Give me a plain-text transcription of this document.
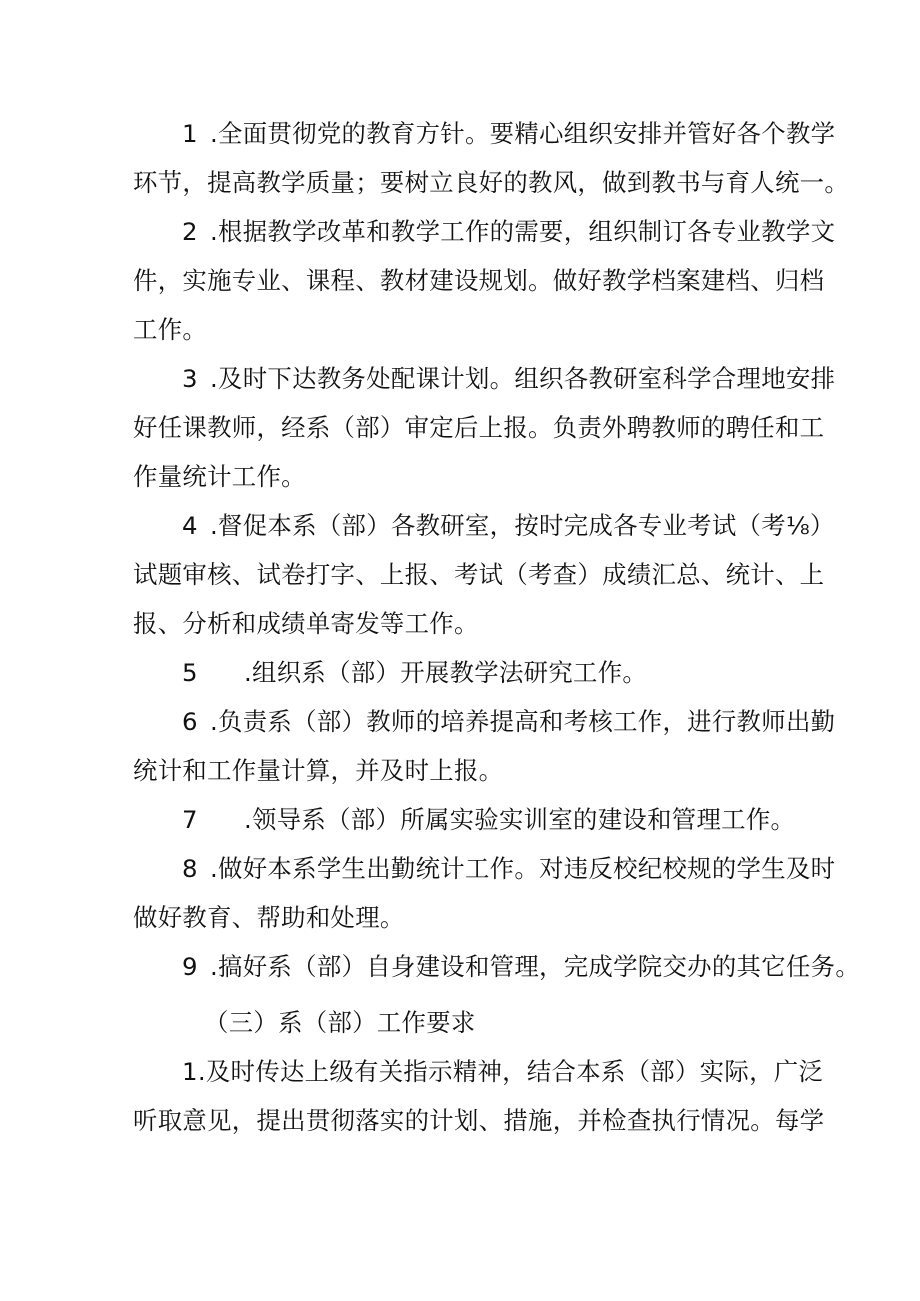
1 .全面贯彻党的教育方针。要精心组织安排并管好各个教学
环节，提高教学质量；要树立良好的教风，做到教书与育人统一。
2 .根据教学改革和教学工作的需要，组织制订各专业教学文
件，实施专业、课程、教材建设规划。做好教学档案建档、归档
工作。
3 .及时下达教务处配课计划。组织各教研室科学合理地安排
好任课教师，经系（部）审定后上报。负责外聘教师的聘任和工
作量统计工作。
4 .督促本系（部）各教研室，按时完成各专业考试（考⅛）
试题审核、试卷打字、上报、考试（考查）成绩汇总、统计、上
报、分析和成绩单寄发等工作。
5 .组织系（部）开展教学法研究工作。
6 .负责系（部）教师的培养提高和考核工作，进行教师出勤
统计和工作量计算，并及时上报。
7 .领导系（部）所属实验实训室的建设和管理工作。
8 .做好本系学生出勤统计工作。对违反校纪校规的学生及时
做好教育、帮助和处理。
9 .搞好系（部）自身建设和管理，完成学院交办的其它任务。
（三）系（部）工作要求
1.及时传达上级有关指示精神，结合本系（部）实际，广泛
听取意见，提出贯彻落实的计划、措施，并检查执行情况。每学
